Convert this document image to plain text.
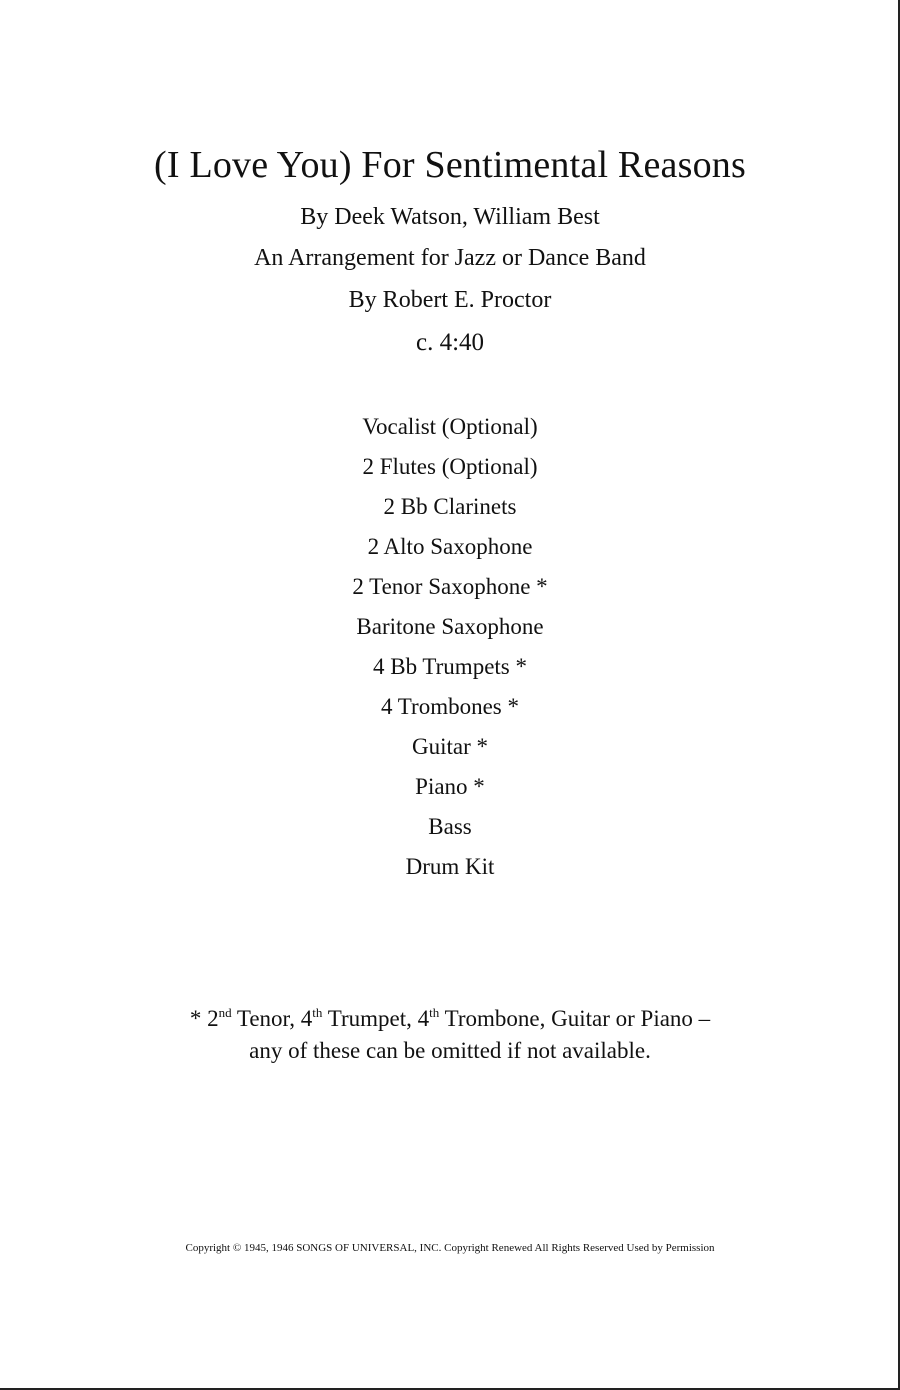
(I Love You) For Sentimental Reasons
By Deek Watson, William Best
An Arrangement for Jazz or Dance Band
By Robert E. Proctor
c. 4:40
Vocalist (Optional)
2 Flutes (Optional)
2 Bb Clarinets
2 Alto Saxophone
2 Tenor Saxophone *
Baritone Saxophone
4 Bb Trumpets *
4 Trombones *
Guitar *
Piano *
Bass
Drum Kit
* 2nd Tenor, 4th Trumpet, 4th Trombone, Guitar or Piano –
any of these can be omitted if not available.
Copyright © 1945, 1946 SONGS OF UNIVERSAL, INC. Copyright Renewed All Rights Reserved Used by Permission
